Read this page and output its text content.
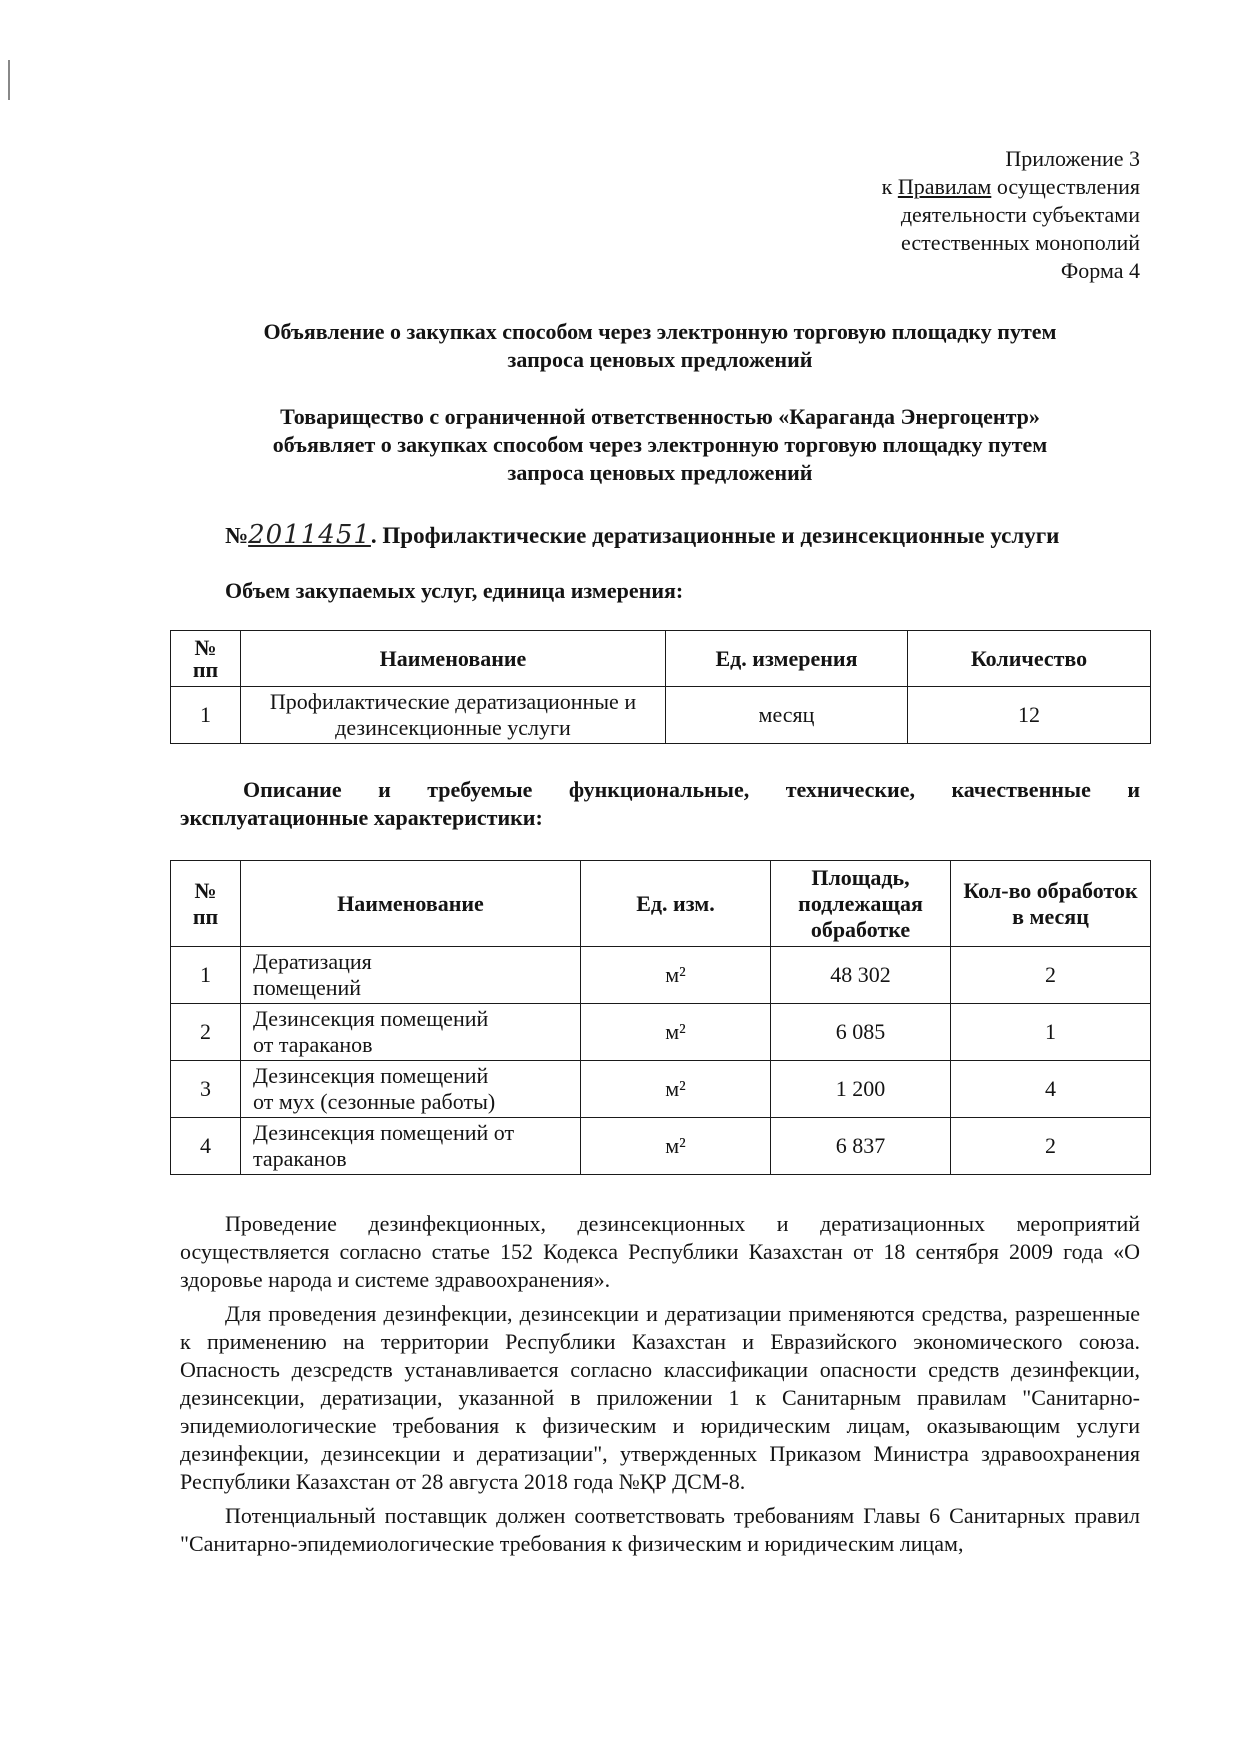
Приложение 3
к Правилам осуществления
деятельности субъектами
естественных монополий
Форма 4
Объявление о закупках способом через электронную торговую площадку путем
запроса ценовых предложений
Товарищество с ограниченной ответственностью «Караганда Энергоцентр»
объявляет о закупках способом через электронную торговую площадку путем
запроса ценовых предложений
№2011451. Профилактические дератизационные и дезинсекционные услуги
Объем закупаемых услуг, единица измерения:
№
пп	Наименование	Ед. измерения	Количество
1	Профилактические дератизационные и дезинсекционные услуги	месяц	12
Описание и требуемые функциональные, технические, качественные и эксплуатационные характеристики:
№
пп	Наименование	Ед. изм.	Площадь, подлежащая обработке	Кол-во обработок в месяц
1	Дератизация помещений	м²	48 302	2
2	Дезинсекция помещений от тараканов	м²	6 085	1
3	Дезинсекция помещений от мух (сезонные работы)	м²	1 200	4
4	Дезинсекция помещений от тараканов	м²	6 837	2

Проведение дезинфекционных, дезинсекционных и дератизационных мероприятий осуществляется согласно статье 152 Кодекса Республики Казахстан от 18 сентября 2009 года «О здоровье народа и системе здравоохранения».

Для проведения дезинфекции, дезинсекции и дератизации применяются средства, разрешенные к применению на территории Республики Казахстан и Евразийского экономического союза. Опасность дезсредств устанавливается согласно классификации опасности средств дезинфекции, дезинсекции, дератизации, указанной в приложении 1 к Санитарным правилам "Санитарно-эпидемиологические требования к физическим и юридическим лицам, оказывающим услуги дезинфекции, дезинсекции и дератизации", утвержденных Приказом Министра здравоохранения Республики Казахстан от 28 августа 2018 года №ҚР ДСМ-8.

Потенциальный поставщик должен соответствовать требованиям Главы 6 Санитарных правил "Санитарно-эпидемиологические требования к физическим и юридическим лицам,
